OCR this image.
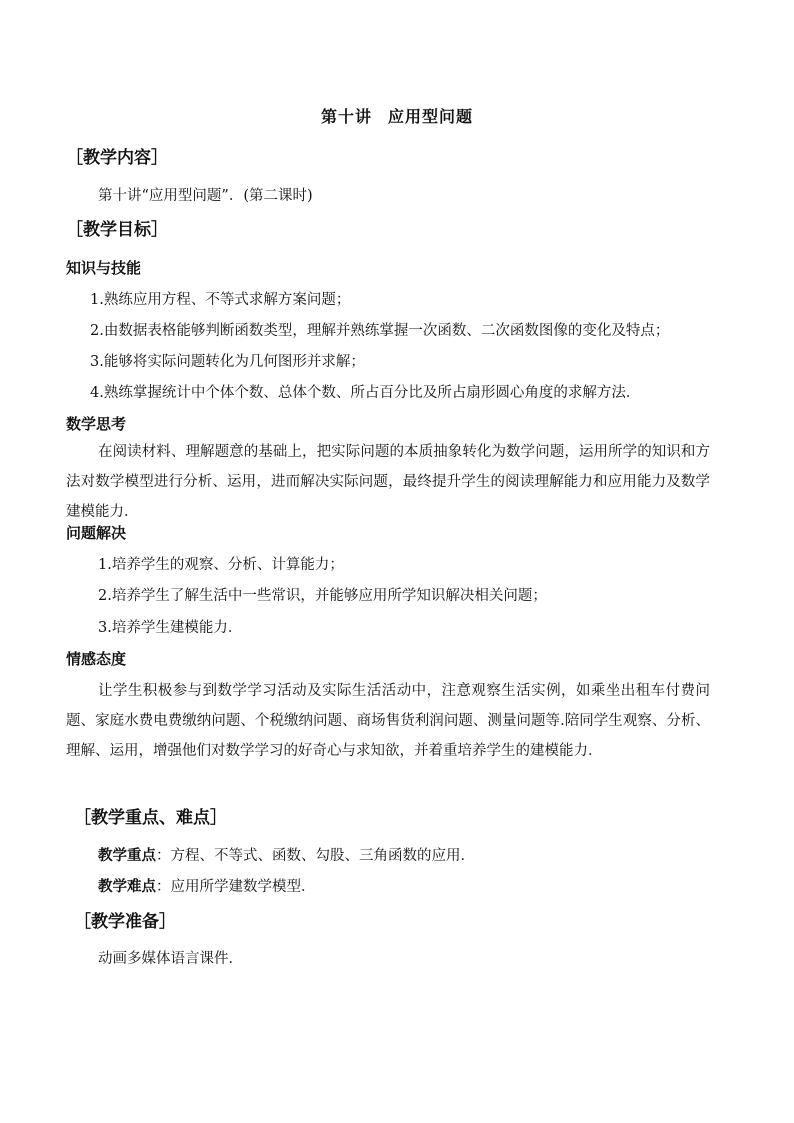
第十讲 应用型问题
［教学内容］
第十讲“应用型问题”．(第二课时)
［教学目标］
知识与技能
1.熟练应用方程、不等式求解方案问题；
2.由数据表格能够判断函数类型，理解并熟练掌握一次函数、二次函数图像的变化及特点；
3.能够将实际问题转化为几何图形并求解；
4.熟练掌握统计中个体个数、总体个数、所占百分比及所占扇形圆心角度的求解方法．
数学思考
在阅读材料、理解题意的基础上，把实际问题的本质抽象转化为数学问题，运用所学的知识和方法对数学模型进行分析、运用，进而解决实际问题，最终提升学生的阅读理解能力和应用能力及数学建模能力．
问题解决
1.培养学生的观察、分析、计算能力；
2.培养学生了解生活中一些常识，并能够应用所学知识解决相关问题；
3.培养学生建模能力．
情感态度
让学生积极参与到数学学习活动及实际生活活动中，注意观察生活实例，如乘坐出租车付费问题、家庭水费电费缴纳问题、个税缴纳问题、商场售货利润问题、测量问题等.陪同学生观察、分析、理解、运用，增强他们对数学学习的好奇心与求知欲，并着重培养学生的建模能力．
［教学重点、难点］
教学重点：方程、不等式、函数、勾股、三角函数的应用．
教学难点：应用所学建数学模型．
［教学准备］
动画多媒体语言课件．
